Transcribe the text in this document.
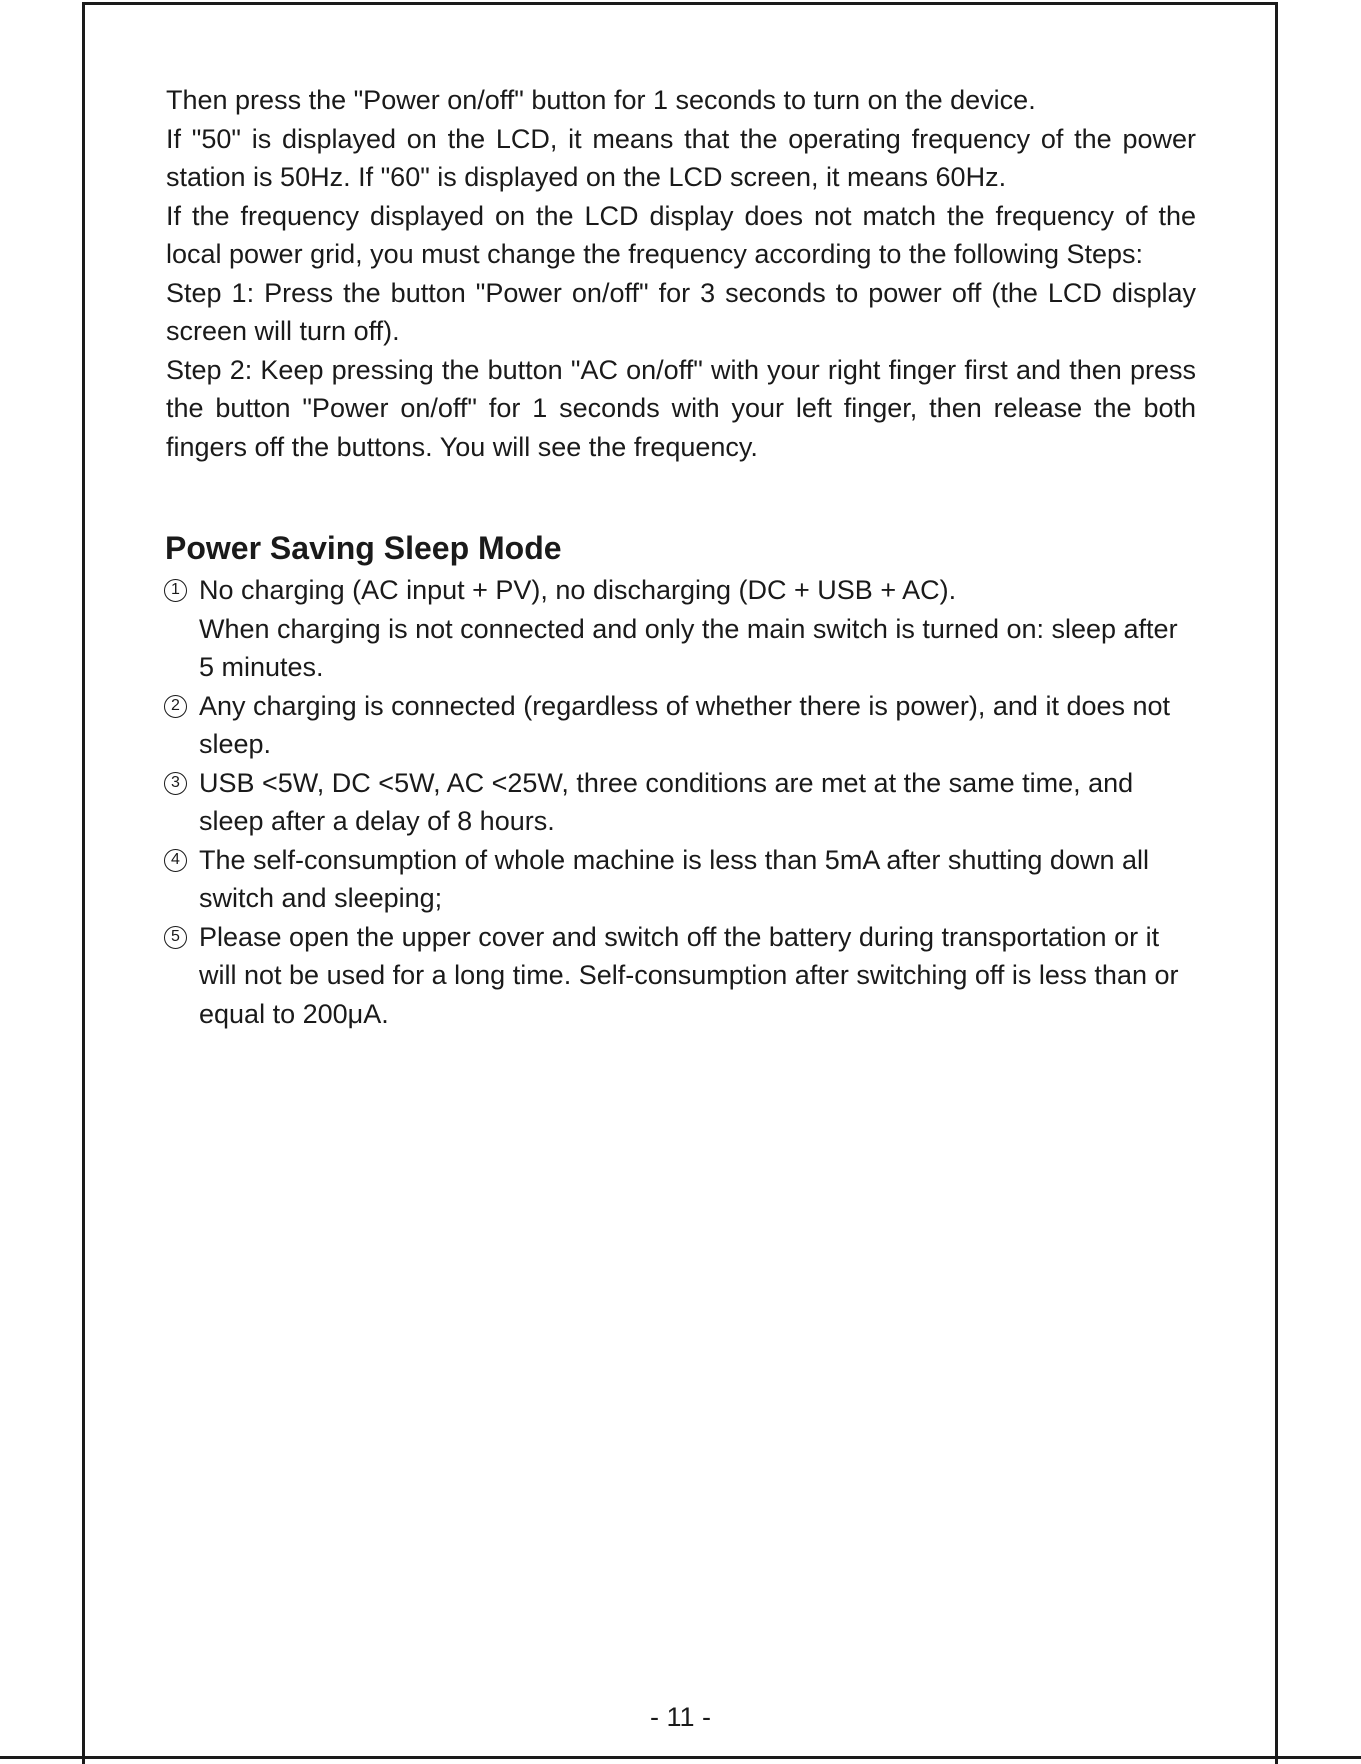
Then press the "Power on/off" button for 1 seconds to turn on the device.

If "50" is displayed on the LCD, it means that the operating frequency of the power station is 50Hz. If "60" is displayed on the LCD screen, it means 60Hz.

If the frequency displayed on the LCD display does not match the frequency of the local power grid, you must change the frequency according to the following Steps:

Step 1: Press the button "Power on/off" for 3 seconds to power off (the LCD display screen will turn off).

Step 2: Keep pressing the button "AC on/off" with your right finger first and then press the button "Power on/off" for 1 seconds with your left finger, then release the both fingers off the buttons. You will see the frequency.

Power Saving Sleep Mode
1 No charging (AC input + PV), no discharging (DC + USB + AC).
When charging is not connected and only the main switch is turned on: sleep after 5 minutes.
2 Any charging is connected (regardless of whether there is power), and it does not sleep.
3 USB <5W, DC <5W, AC <25W, three conditions are met at the same time, and sleep after a delay of 8 hours.
4 The self-consumption of whole machine is less than 5mA after shutting down all switch and sleeping;
5 Please open the upper cover and switch off the battery during transportation or it will not be used for a long time. Self-consumption after switching off is less than or equal to 200μA.
- 11 -
